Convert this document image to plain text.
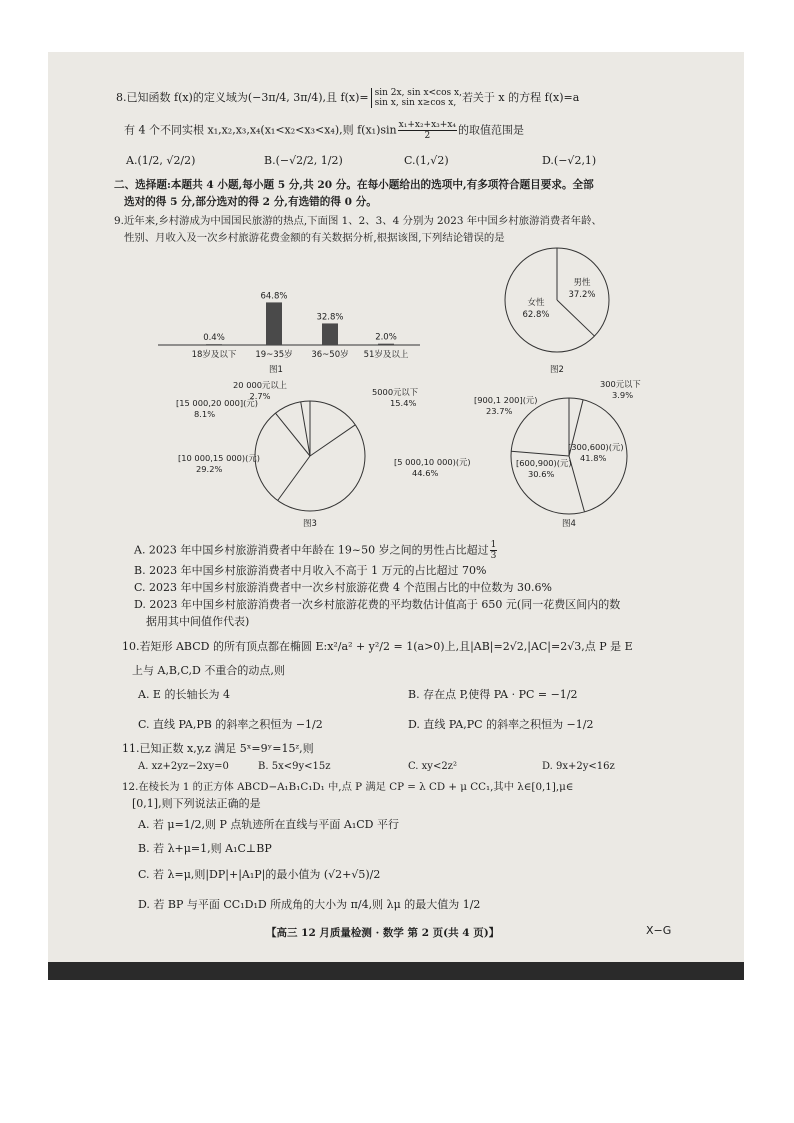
8.已知函数 f(x)的定义域为(−3π/4, 3π/4),且 f(x)= sin 2x, sin x<cos x,
sin x, sin x≥cos x, 若关于 x 的方程 f(x)=a
有 4 个不同实根 x₁,x₂,x₃,x₄(x₁<x₂<x₃<x₄),则 $f(x_1)\sin \frac{\text{x₁+x₂+x₃+x₄}}{2}$ 的取值范围是
A.(1/2, √2/2)	B.(−√2/2, 1/2)	C.(1,√2)	D.(−√2,1)
二、选择题:本题共 4 小题,每小题 5 分,共 20 分。在每小题给出的选项中,有多项符合题目要求。全部
选对的得 5 分,部分选对的得 2 分,有选错的得 0 分。
9.近年来,乡村游成为中国国民旅游的热点,下面图 1、2、3、4 分别为 2023 年中国乡村旅游消费者年龄、
性别、月收入及一次乡村旅游花费金额的有关数据分析,根据该图,下列结论错误的是
0.4%
18岁及以下
64.8%
19~35岁
32.8%
36~50岁
2.0%
51岁及以上
图1
男性
37.2%
女性
62.8%
图2
5000元以下
15.4%
[5 000,10 000)(元)
44.6%
[10 000,15 000)(元)
29.2%
[15 000,20 000](元)
8.1%
20 000元以上
2.7%
图3
300元以下
3.9%
[300,600)(元)
41.8%
[600,900)(元)
30.6%
[900,1 200](元)
23.7%
图4
A. 2023 年中国乡村旅游消费者中年龄在 19~50 岁之间的男性占比超过 $\frac{1}{3}$
B. 2023 年中国乡村旅游消费者中月收入不高于 1 万元的占比超过 70%
C. 2023 年中国乡村旅游消费者中一次乡村旅游花费 4 个范围占比的中位数为 30.6%
D. 2023 年中国乡村旅游消费者一次乡村旅游花费的平均数估计值高于 650 元(同一花费区间内的数
据用其中间值作代表)
10.若矩形 ABCD 的所有顶点都在椭圆 E:x²/a² + y²/2 = 1(a>0)上,且|AB|=2√2,|AC|=2√3,点 P 是 E
上与 A,B,C,D 不重合的动点,则
A. E 的长轴长为 4	B. 存在点 P,使得 PA · PC = −1/2
C. 直线 PA,PB 的斜率之积恒为 −1/2	D. 直线 PA,PC 的斜率之积恒为 −1/2
11.已知正数 x,y,z 满足 5ˣ=9ʸ=15ᶻ,则
A. xz+2yz−2xy=0	B. 5x<9y<15z	C. xy<2z²	D. 9x+2y<16z
12.在棱长为 1 的正方体 ABCD−A₁B₁C₁D₁ 中,点 P 满足 CP = λ CD + μ CC₁,其中 λ∈[0,1],μ∈
[0,1],则下列说法正确的是
A. 若 μ=1/2,则 P 点轨迹所在直线与平面 A₁CD 平行
B. 若 λ+μ=1,则 A₁C⊥BP
C. 若 λ=μ,则|DP|+|A₁P|的最小值为 (√2+√5)/2
D. 若 BP 与平面 CC₁D₁D 所成角的大小为 π/4,则 λμ 的最大值为 1/2
【高三 12 月质量检测 · 数学 第 2 页(共 4 页)】	X−G
